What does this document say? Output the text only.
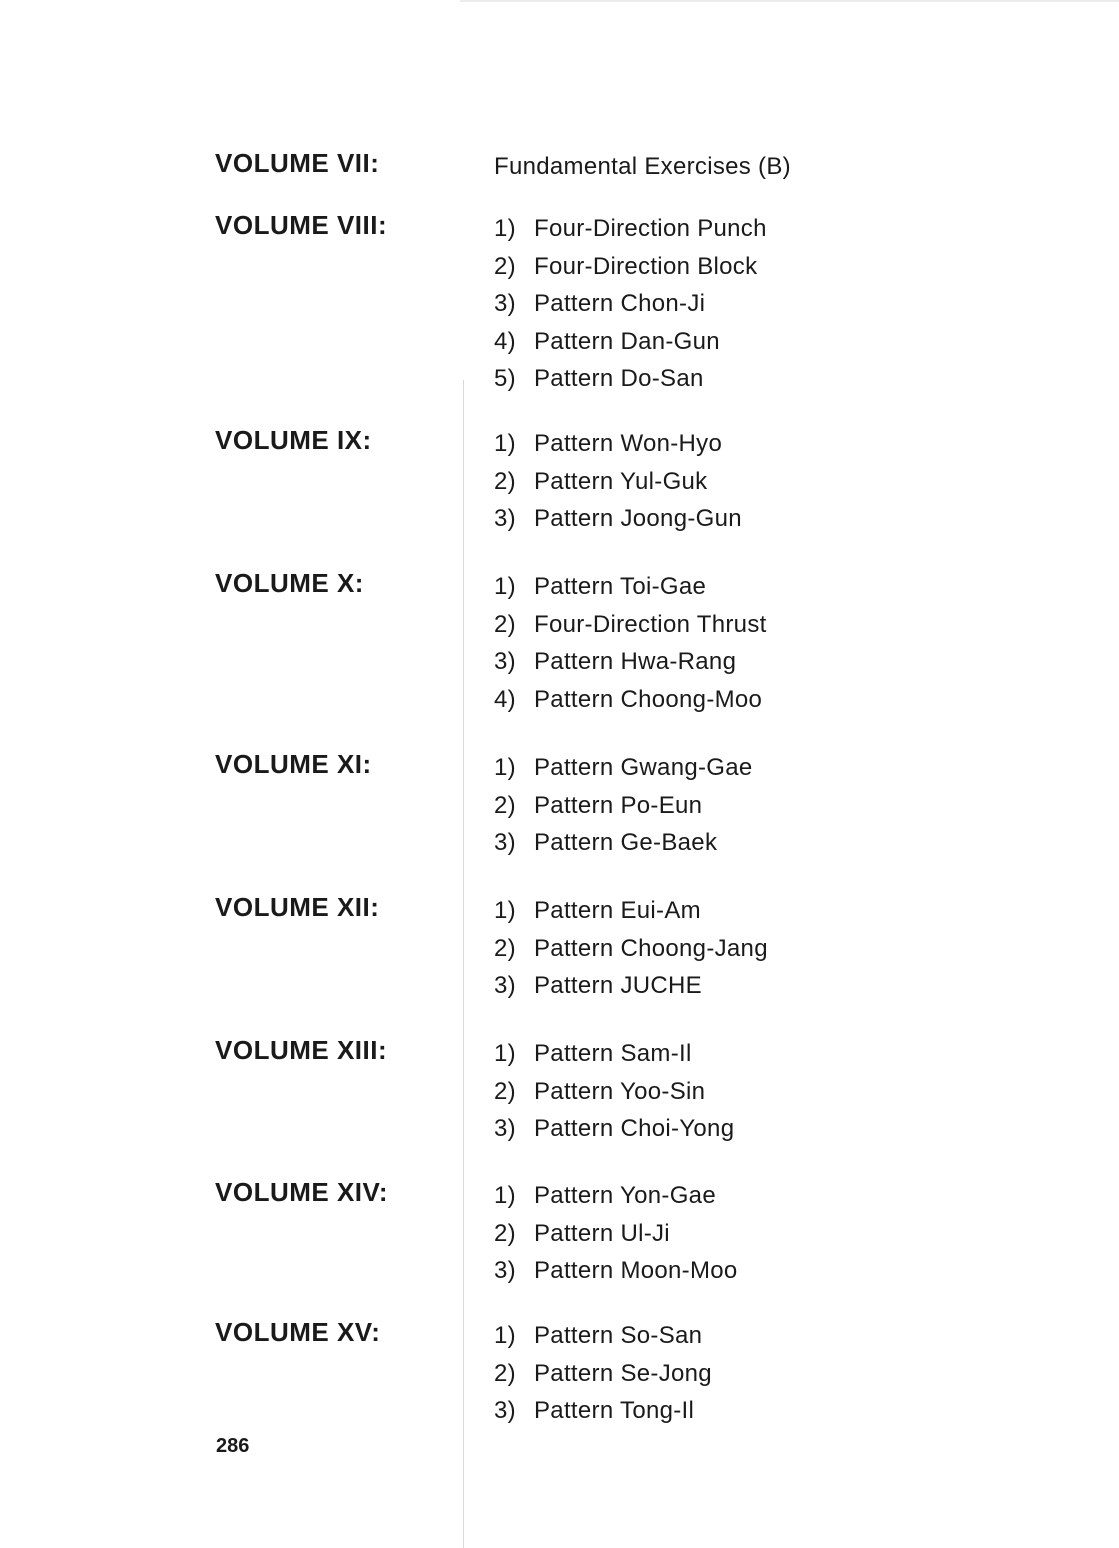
VOLUME VII:	Fundamental Exercises (B)
VOLUME VIII:	1) Four-Direction Punch
2) Four-Direction Block
3) Pattern Chon-Ji
4) Pattern Dan-Gun
5) Pattern Do-San
VOLUME IX:	1) Pattern Won-Hyo
2) Pattern Yul-Guk
3) Pattern Joong-Gun
VOLUME X:	1) Pattern Toi-Gae
2) Four-Direction Thrust
3) Pattern Hwa-Rang
4) Pattern Choong-Moo
VOLUME XI:	1) Pattern Gwang-Gae
2) Pattern Po-Eun
3) Pattern Ge-Baek
VOLUME XII:	1) Pattern Eui-Am
2) Pattern Choong-Jang
3) Pattern JUCHE
VOLUME XIII:	1) Pattern Sam-Il
2) Pattern Yoo-Sin
3) Pattern Choi-Yong
VOLUME XIV:	1) Pattern Yon-Gae
2) Pattern Ul-Ji
3) Pattern Moon-Moo
VOLUME XV:	1) Pattern So-San
2) Pattern Se-Jong
3) Pattern Tong-Il
286
